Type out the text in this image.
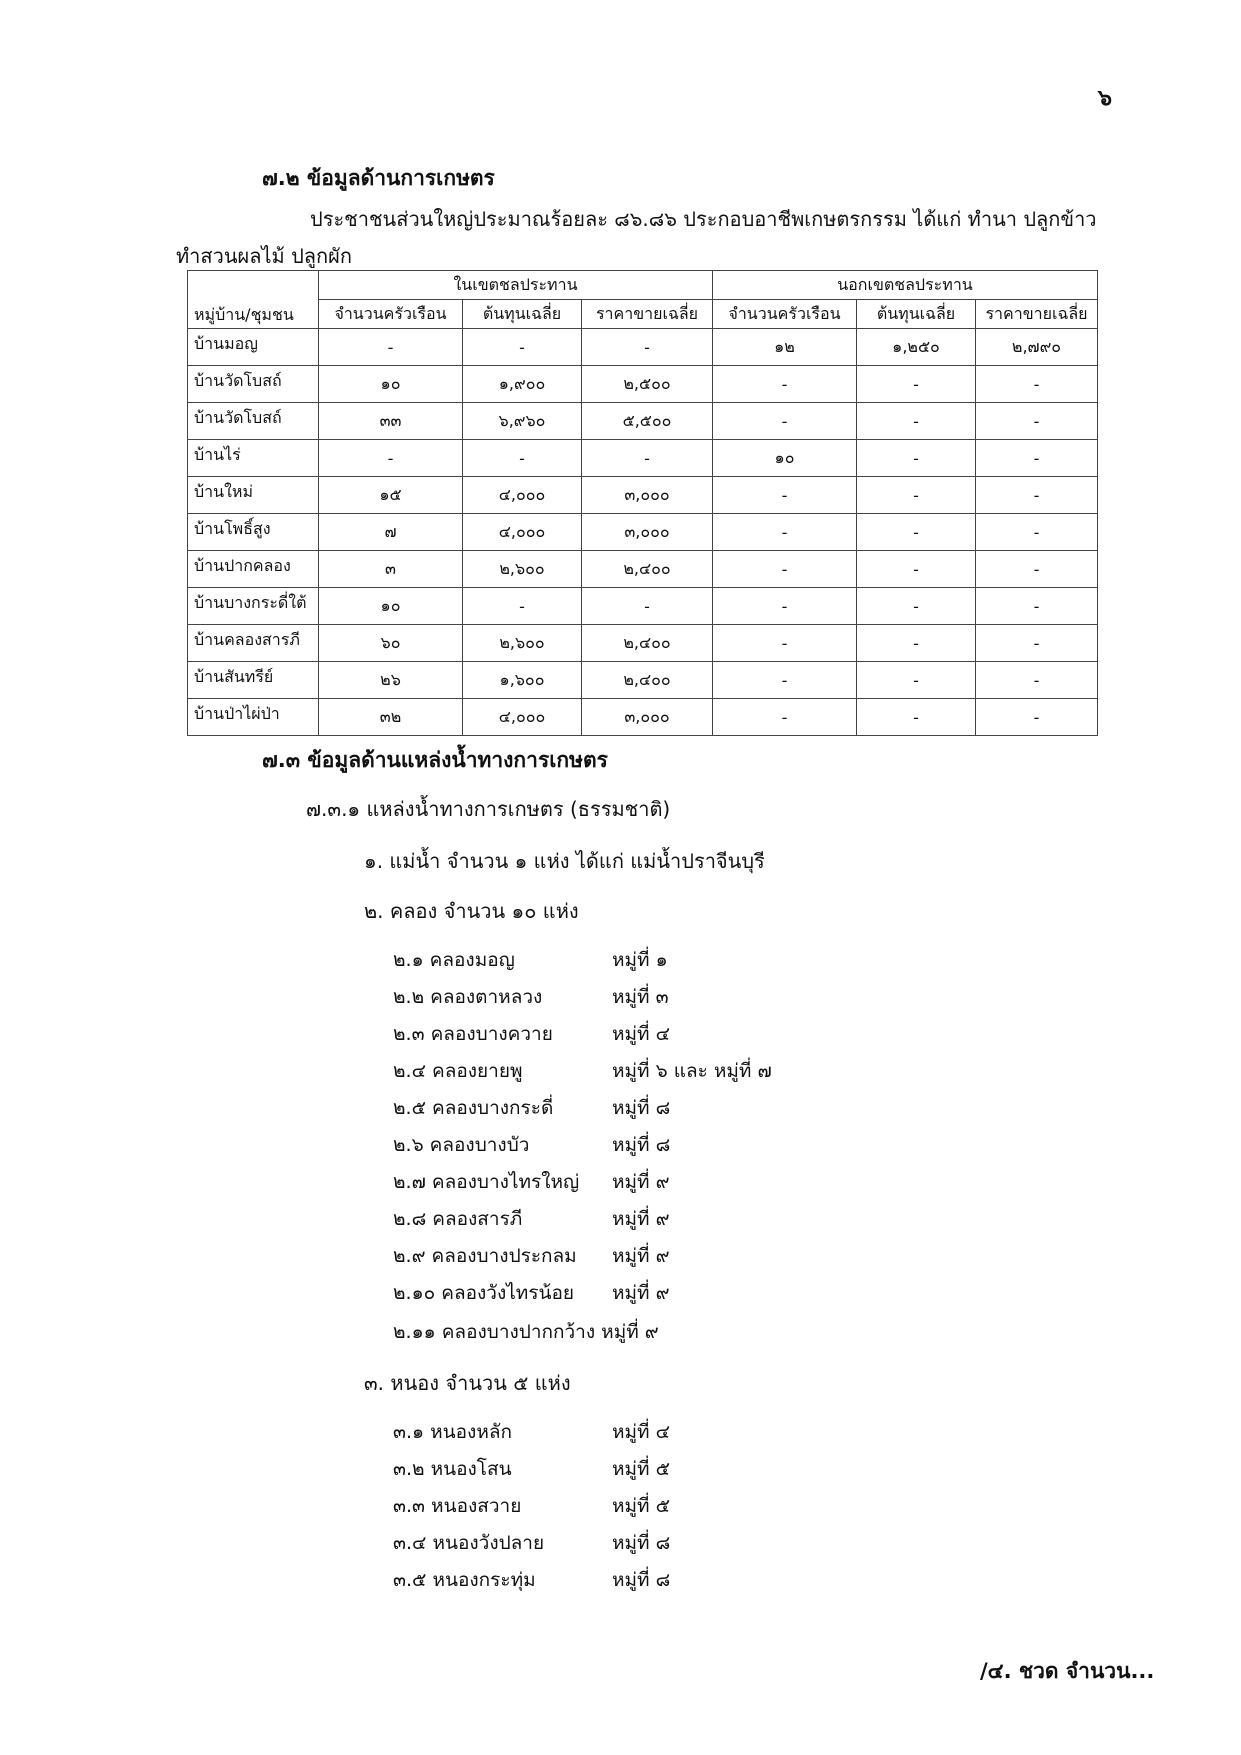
๖
๗.๒ ข้อมูลด้านการเกษตร
ประชาชนส่วนใหญ่ประมาณร้อยละ ๘๖.๘๖ ประกอบอาชีพเกษตรกรรม ได้แก่ ทำนา ปลูกข้าว
ทำสวนผลไม้ ปลูกผัก
หมู่บ้าน/ชุมชน	ในเขตชลประทาน			นอกเขตชลประทาน		
	จำนวนครัวเรือน	ต้นทุนเฉลี่ย	ราคาขายเฉลี่ย	จำนวนครัวเรือน	ต้นทุนเฉลี่ย	ราคาขายเฉลี่ย
บ้านมอญ	-	-	-	๑๒	๑,๒๕๐	๒,๗๙๐
บ้านวัดโบสถ์	๑๐	๑,๙๐๐	๒,๕๐๐	-	-	-
บ้านวัดโบสถ์	๓๓	๖,๙๖๐	๕,๕๐๐	-	-	-
บ้านไร่	-	-	-	๑๐	-	-
บ้านใหม่	๑๕	๔,๐๐๐	๓,๐๐๐	-	-	-
บ้านโพธิ์สูง	๗	๔,๐๐๐	๓,๐๐๐	-	-	-
บ้านปากคลอง	๓	๒,๖๐๐	๒,๔๐๐	-	-	-
บ้านบางกระดี่ใต้	๑๐	-	-	-	-	-
บ้านคลองสารภี	๖๐	๒,๖๐๐	๒,๔๐๐	-	-	-
บ้านสันทรีย์	๒๖	๑,๖๐๐	๒,๔๐๐	-	-	-
บ้านป่าไผ่ป่า	๓๒	๔,๐๐๐	๓,๐๐๐	-	-	-
๗.๓ ข้อมูลด้านแหล่งน้ำทางการเกษตร
๗.๓.๑ แหล่งน้ำทางการเกษตร (ธรรมชาติ)
๑. แม่น้ำ จำนวน ๑ แห่ง ได้แก่ แม่น้ำปราจีนบุรี
๒. คลอง จำนวน ๑๐ แห่ง
๒.๑ คลองมอญ	หมู่ที่ ๑
๒.๒ คลองตาหลวง	หมู่ที่ ๓
๒.๓ คลองบางควาย	หมู่ที่ ๔
๒.๔ คลองยายพู	หมู่ที่ ๖ และ หมู่ที่ ๗
๒.๕ คลองบางกระดี่	หมู่ที่ ๘
๒.๖ คลองบางบัว	หมู่ที่ ๘
๒.๗ คลองบางไทรใหญ่ หมู่ที่ ๙
๒.๘ คลองสารภี	หมู่ที่ ๙
๒.๙ คลองบางประกลม หมู่ที่ ๙
๒.๑๐ คลองวังไทรน้อย หมู่ที่ ๙
๒.๑๑ คลองบางปากกว้าง หมู่ที่ ๙
๓. หนอง จำนวน ๕ แห่ง
๓.๑ หนองหลัก	หมู่ที่ ๔
๓.๒ หนองโสน	หมู่ที่ ๕
๓.๓ หนองสวาย	หมู่ที่ ๕
๓.๔ หนองวังปลาย	หมู่ที่ ๘
๓.๕ หนองกระทุ่ม	หมู่ที่ ๘
/๔. ชวด จำนวน...
